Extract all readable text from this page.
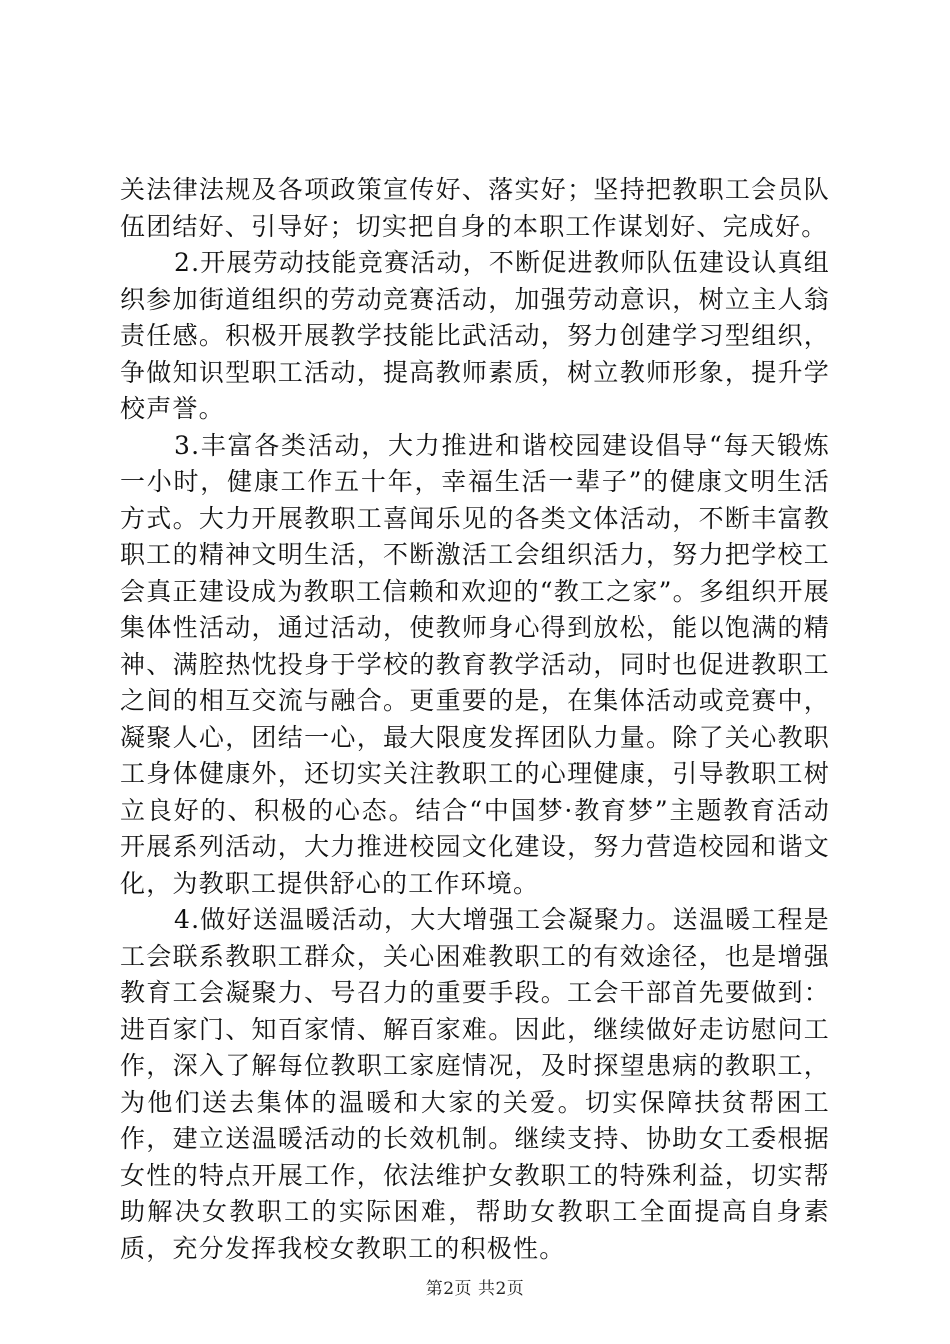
关法律法规及各项政策宣传好、落实好；坚持把教职工会员队伍团结好、引导好；切实把自身的本职工作谋划好、完成好。

2.开展劳动技能竞赛活动，不断促进教师队伍建设认真组织参加街道组织的劳动竞赛活动，加强劳动意识，树立主人翁责任感。积极开展教学技能比武活动，努力创建学习型组织，争做知识型职工活动，提高教师素质，树立教师形象，提升学校声誉。

3.丰富各类活动，大力推进和谐校园建设倡导“每天锻炼一小时，健康工作五十年，幸福生活一辈子”的健康文明生活方式。大力开展教职工喜闻乐见的各类文体活动，不断丰富教职工的精神文明生活，不断激活工会组织活力，努力把学校工会真正建设成为教职工信赖和欢迎的“教工之家”。多组织开展集体性活动，通过活动，使教师身心得到放松，能以饱满的精神、满腔热忱投身于学校的教育教学活动，同时也促进教职工之间的相互交流与融合。更重要的是，在集体活动或竞赛中，凝聚人心，团结一心，最大限度发挥团队力量。除了关心教职工身体健康外，还切实关注教职工的心理健康，引导教职工树立良好的、积极的心态。结合“中国梦·教育梦”主题教育活动开展系列活动，大力推进校园文化建设，努力营造校园和谐文化，为教职工提供舒心的工作环境。

4.做好送温暖活动，大大增强工会凝聚力。送温暖工程是工会联系教职工群众，关心困难教职工的有效途径，也是增强教育工会凝聚力、号召力的重要手段。工会干部首先要做到：进百家门、知百家情、解百家难。因此，继续做好走访慰问工作，深入了解每位教职工家庭情况，及时探望患病的教职工，为他们送去集体的温暖和大家的关爱。切实保障扶贫帮困工作，建立送温暖活动的长效机制。继续支持、协助女工委根据女性的特点开展工作，依法维护女教职工的特殊利益，切实帮助解决女教职工的实际困难，帮助女教职工全面提高自身素质，充分发挥我校女教职工的积极性。

第2页 共2页
